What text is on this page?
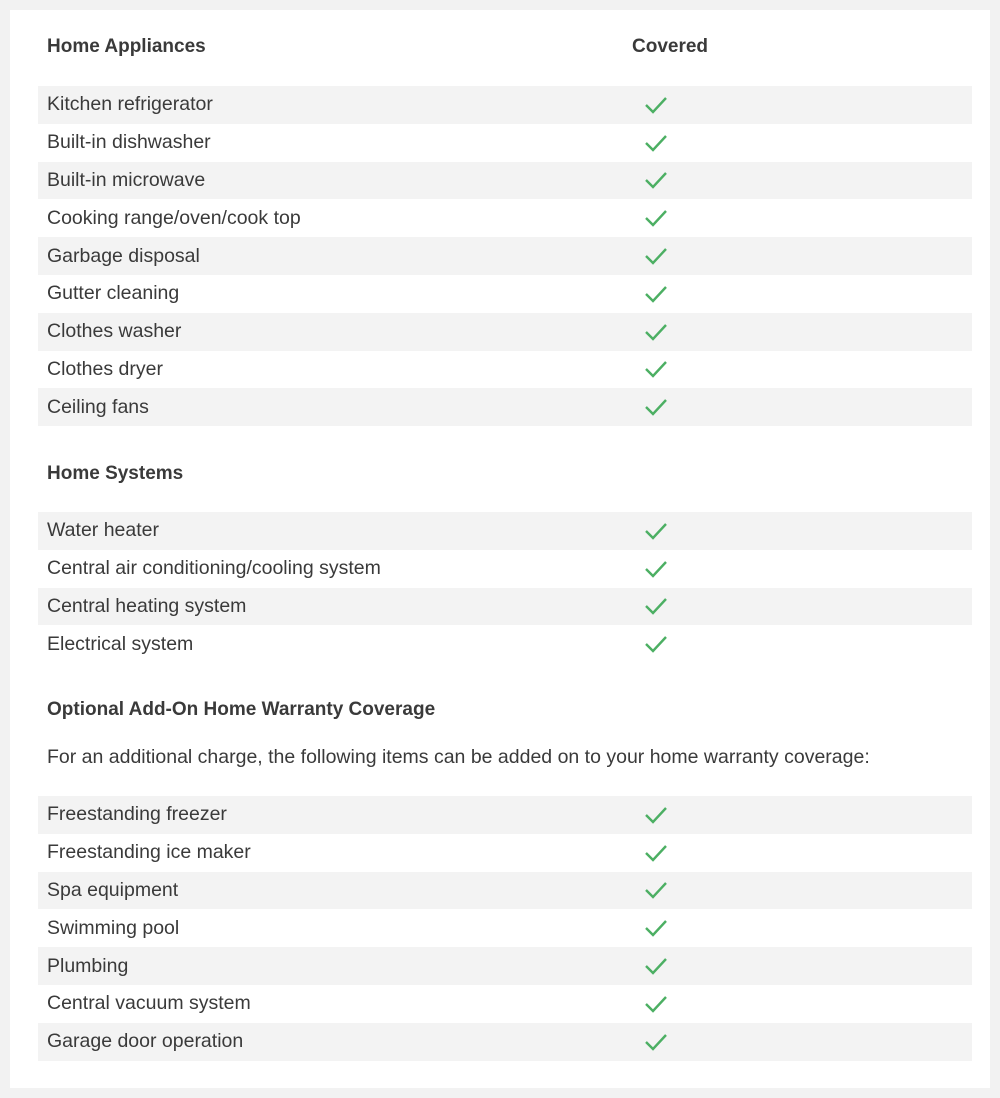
Home Appliances	Covered
Kitchen refrigerator
Built-in dishwasher
Built-in microwave
Cooking range/oven/cook top
Garbage disposal
Gutter cleaning
Clothes washer
Clothes dryer
Ceiling fans
Home Systems
Water heater
Central air conditioning/cooling system
Central heating system
Electrical system
Optional Add-On Home Warranty Coverage
For an additional charge, the following items can be added on to your home warranty coverage:
Freestanding freezer
Freestanding ice maker
Spa equipment
Swimming pool
Plumbing
Central vacuum system
Garage door operation
